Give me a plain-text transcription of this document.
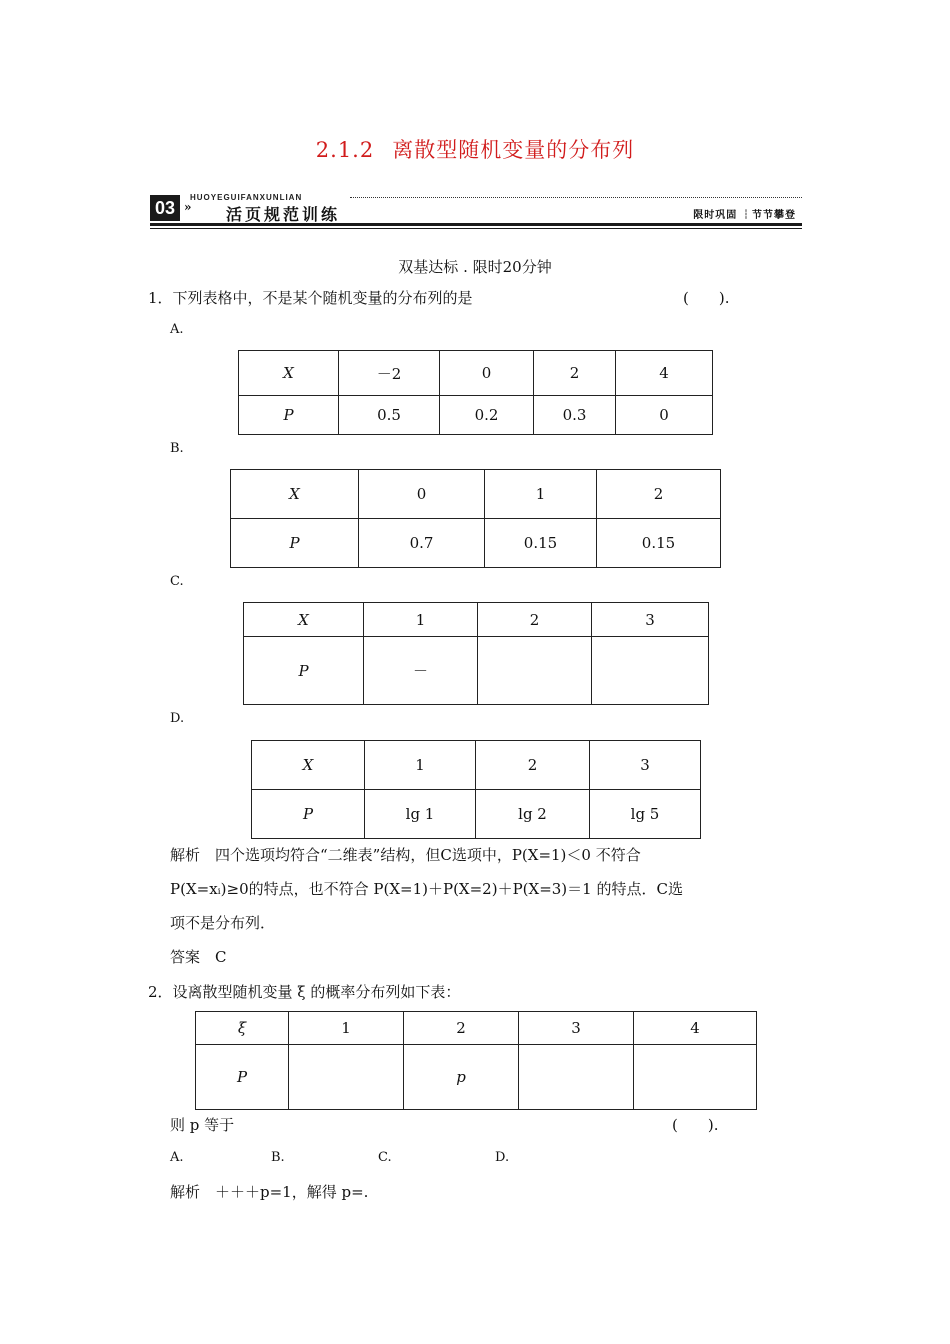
2.1.2 离散型随机变量的分布列
HUOYEGUIFANXUNLIAN
03 » 活页规范训练	限时巩固 ┆节节攀登
双基达标 . 限时20分钟
1．下列表格中，不是某个随机变量的分布列的是	(　　).
A.
X	－2	0	2	4
P	0.5	0.2	0.3	0
B.
X	0	1	2
P	0.7	0.15	0.15
C.
X	1	2	3
P	－		
D.
X	1	2	3
P	lg 1	lg 2	lg 5
解析　四个选项均符合“二维表”结构，但C选项中，P(X=1)＜0 不符合
P(X=xᵢ)≥0的特点，也不符合 P(X=1)＋P(X=2)＋P(X=3)＝1 的特点．C选
项不是分布列．
答案　C
2．设离散型随机变量 ξ 的概率分布列如下表：
ξ	1	2	3	4
P		p		
则 p 等于	(　　).
A.	B.	C.	D.
解析　＋＋＋p=1，解得 p=.
